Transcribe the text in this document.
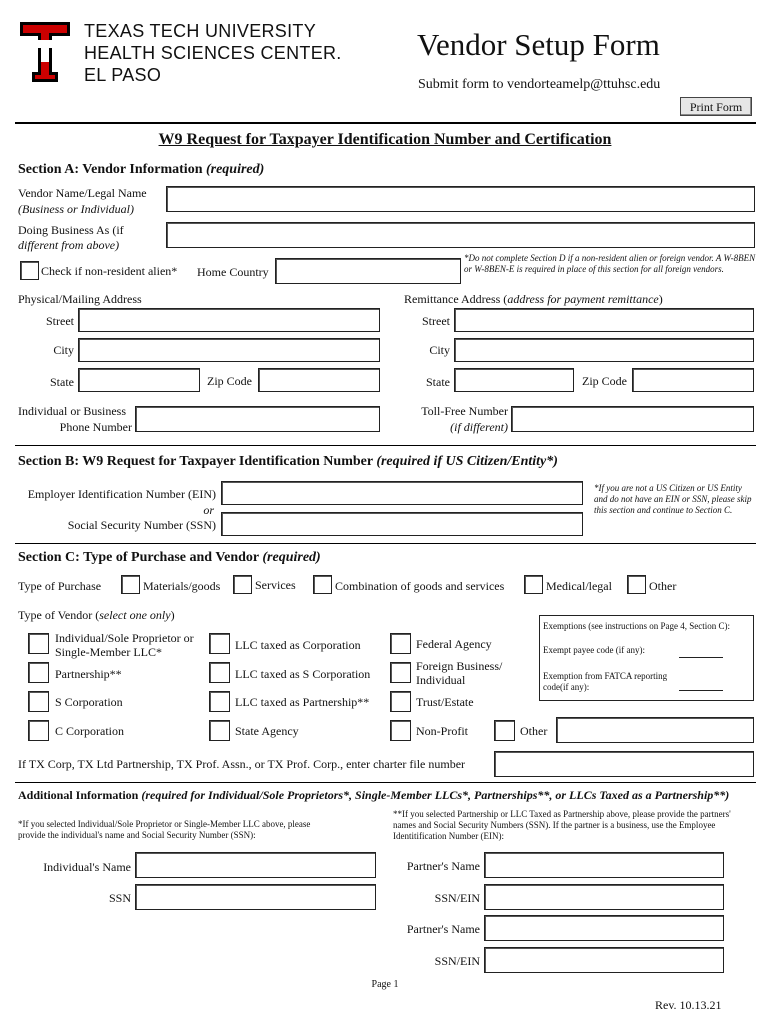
TEXAS TECH UNIVERSITY
HEALTH SCIENCES CENTER.
EL PASO
Vendor Setup Form
Submit form to vendorteamelp@ttuhsc.edu
Print Form
W9 Request for Taxpayer Identification Number and Certification
Section A: Vendor Information (required)
Vendor Name/Legal Name
(Business or Individual)
Doing Business As (if
different from above)
Check if non-resident alien* Home Country
*Do not complete Section D if a non-resident alien or foreign vendor. A W-8BEN or W-8BEN-E is required in place of this section for all foreign vendors.
Physical/Mailing Address	Remittance Address (address for payment remittance)
Street	Street
City	City
State	Zip Code	State	Zip Code
Individual or Business
Phone Number
Toll-Free Number
(if different)
Section B: W9 Request for Taxpayer Identification Number (required if US Citizen/Entity*)
Employer Identification Number (EIN)
or
Social Security Number (SSN)
*If you are not a US Citizen or US Entity and do not have an EIN or SSN, please skip this section and continue to Section C.
Section C: Type of Purchase and Vendor (required)
Type of Purchase	Materials/goods	Services	Combination of goods and services	Medical/legal	Other
Type of Vendor (select one only)
Individual/Sole Proprietor or Single-Member LLC*
Partnership**
S Corporation
C Corporation
LLC taxed as Corporation
LLC taxed as S Corporation
LLC taxed as Partnership**
State Agency
Federal Agency
Foreign Business/ Individual
Trust/Estate
Non-Profit	Other
Exemptions (see instructions on Page 4, Section C):
Exempt payee code (if any):
Exemption from FATCA reporting code(if any):
If TX Corp, TX Ltd Partnership, TX Prof. Assn., or TX Prof. Corp., enter charter file number
Additional Information (required for Individual/Sole Proprietors*, Single-Member LLCs*, Partnerships**, or LLCs Taxed as a Partnership**)
*If you selected Individual/Sole Proprietor or Single-Member LLC above, please provide the individual's name and Social Security Number (SSN):
**If you selected Partnership or LLC Taxed as Partnership above, please provide the partners' names and Social Security Numbers (SSN). If the partner is a business, use the Employee Identitification Number (EIN):
Individual's Name
SSN
Partner's Name
SSN/EIN
Partner's Name
SSN/EIN
Page 1
Rev. 10.13.21
